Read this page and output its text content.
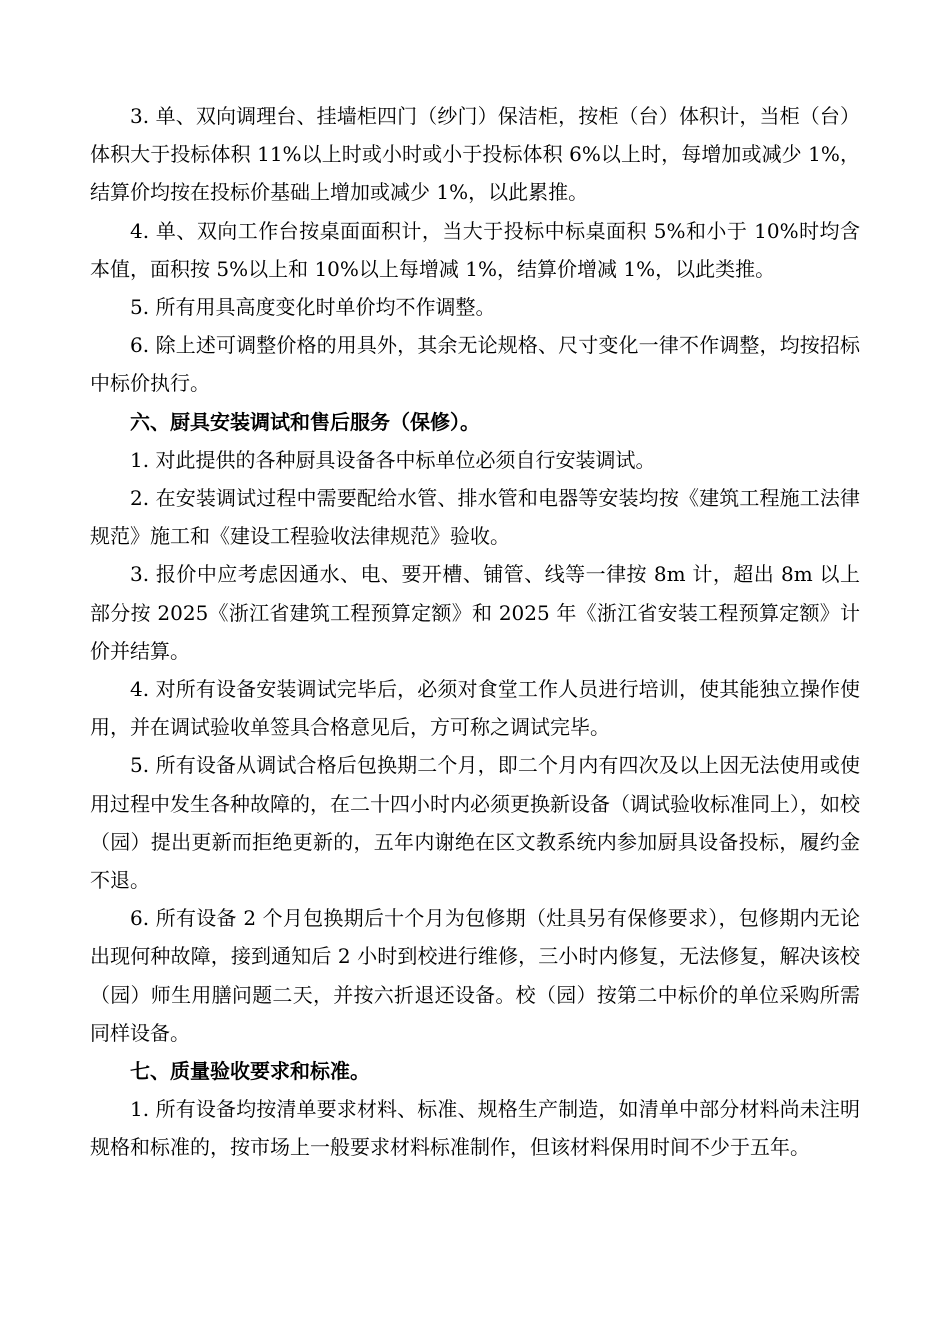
3. 单、双向调理台、挂墙柜四门（纱门）保洁柜，按柜（台）体积计，当柜（台）体积大于投标体积 11%以上时或小时或小于投标体积 6%以上时，每增加或减少 1%，结算价均按在投标价基础上增加或减少 1%，以此累推。

4. 单、双向工作台按桌面面积计，当大于投标中标桌面积 5%和小于 10%时均含本值，面积按 5%以上和 10%以上每增减 1%，结算价增减 1%，以此类推。

5. 所有用具高度变化时单价均不作调整。

6. 除上述可调整价格的用具外，其余无论规格、尺寸变化一律不作调整，均按招标中标价执行。

六、厨具安装调试和售后服务（保修）。

1. 对此提供的各种厨具设备各中标单位必须自行安装调试。

2. 在安装调试过程中需要配给水管、排水管和电器等安装均按《建筑工程施工法律规范》施工和《建设工程验收法律规范》验收。

3. 报价中应考虑因通水、电、要开槽、铺管、线等一律按 8m 计，超出 8m 以上部分按 2025《浙江省建筑工程预算定额》和 2025 年《浙江省安装工程预算定额》计价并结算。

4. 对所有设备安装调试完毕后，必须对食堂工作人员进行培训，使其能独立操作使用，并在调试验收单签具合格意见后，方可称之调试完毕。

5. 所有设备从调试合格后包换期二个月，即二个月内有四次及以上因无法使用或使用过程中发生各种故障的，在二十四小时内必须更换新设备（调试验收标准同上），如校（园）提出更新而拒绝更新的，五年内谢绝在区文教系统内参加厨具设备投标，履约金不退。

6. 所有设备 2 个月包换期后十个月为包修期（灶具另有保修要求），包修期内无论出现何种故障，接到通知后 2 小时到校进行维修，三小时内修复，无法修复，解决该校（园）师生用膳问题二天，并按六折退还设备。校（园）按第二中标价的单位采购所需同样设备。

七、质量验收要求和标准。

1. 所有设备均按清单要求材料、标准、规格生产制造，如清单中部分材料尚未注明规格和标准的，按市场上一般要求材料标准制作，但该材料保用时间不少于五年。
